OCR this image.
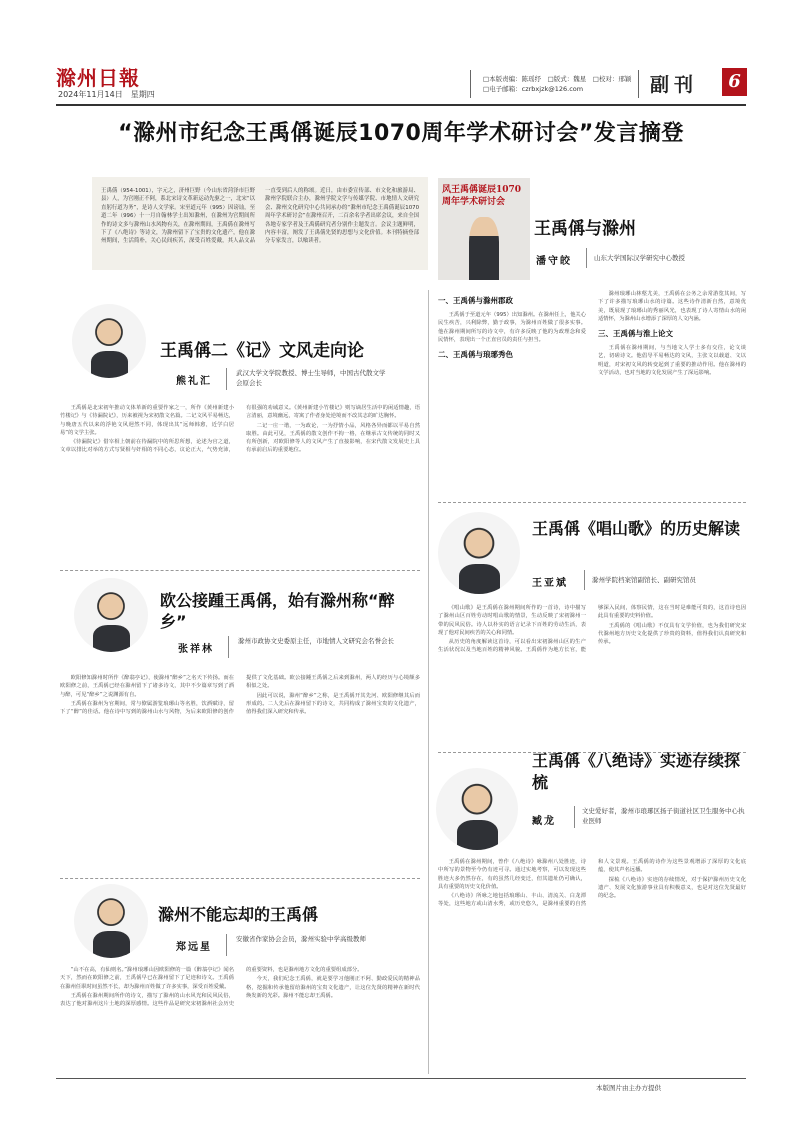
滁州日報
2024年11月14日　星期四
□本版责编：陈瑶纾　□版式：魏星　□校对：邢颖
□电子邮箱：czrbxjzk@126.com	副刊	6
“滁州市纪念王禹偁诞辰1070周年学术研讨会”发言摘登
王禹偁（954-1001），字元之，济州巨野（今山东省菏泽市巨野县）人，为官刚正不阿，系北宋诗文革新运动先驱之一，北宋“以直躬行道为务”，是诗人文学家。宋至道元年（995）因谤讪，至道二年（996）十一月自翰林学士出知滁州，在滁州为官期间所作的诗文多与滁州山水风物有关，在滁州期间，王禹偁在滁州写下了《八绝诗》等诗文，为滁州留下了宝贵的文化遗产，他在滁州期间，生活简朴，关心民间疾苦，深受百姓爱戴，其人品文品一直受到后人的称颂。近日，由市委宣传部、市文化和旅游局、滁州学院联合主办，滁州学院文学与传媒学院、市地情人文研究会、滁州文化研究中心共同承办的“滁州市纪念王禹偁诞辰1070周年学术研讨会”在滁州召开，二百余名学者出席会议，来自全国各地专家学者及王禹偁研究者分别作主题发言。会议主题鲜明，内容丰富，阐发了王禹偁先贤的思想与文化价值。本刊特摘登部分专家发言，以飨读者。
王禹偁二《记》文风走向论
熊礼汇
武汉大学文学院教授、博士生导师，中国古代散文学会原会长

王禹偁是北宋初年推动文体革新的重要作家之一，所作《黄州新建小竹楼记》与《待漏院记》，历来被视为宋初散文名篇。二记文风平易畅达，与晚唐五代以来的浮艳文风迥然不同，体现出其“远师韩愈，近学白居易”的文学主张。

《待漏院记》借宰相上朝前在待漏院中的所思所想，论述为官之道，文章以排比对举的方式写贤相与奸相的不同心态，议论正大，气势充沛，有很强的劝诫意义。《黄州新建小竹楼记》则写谪居生活中的闲适情趣，语言清丽，意境幽远，寄寓了作者身处逆境而不改其志的旷达胸怀。

二记一庄一谐，一为政论，一为抒情小品，风格各异而都以平易自然取胜。由此可见，王禹偁的散文创作不拘一格，在继承古文传统的同时又有所创新，对欧阳修等人的文风产生了直接影响，在宋代散文发展史上具有承前启后的重要地位。

欧公接踵王禹偁，始有滁州称“醉乡”
张祥林
滁州市政协文史委原主任，市地情人文研究会名誉会长

欧阳修知滁州时所作《醉翁亭记》，使滁州“醉乡”之名天下传扬。而在欧阳修之前，王禹偁已经在滁州留下了诸多诗文，其中不少篇章写到了酒与醉，可见“醉乡”之说渊源有自。

王禹偁在滁州为官期间，常与僚属游览琅琊山等名胜，饮酒赋诗，留下了“醉”的佳话。他在诗中写到的滁州山水与风物，为后来欧阳修的创作提供了文化基础。欧公接踵王禹偁之后来到滁州，两人的经历与心境颇多相似之处。

因此可以说，滁州“醉乡”之称，是王禹偁开其先河、欧阳修继其后而形成的。二人先后在滁州留下的诗文，共同构成了滁州宝贵的文化遗产，值得我们深入研究和传承。

滁州不能忘却的王禹偁
郑远星
安徽省作家协会会员，滁州实验中学高级教师

“山不在高，有仙则名。”滁州琅琊山因欧阳修的一篇《醉翁亭记》闻名天下，然而在欧阳修之前，王禹偁早已在滁州留下了足迹和诗文。王禹偁在滁州任职时间虽然不长，却为滁州百姓做了许多实事，深受百姓爱戴。

王禹偁在滁州期间所作的诗文，描写了滁州的山水风光和民风民俗，表达了他对滁州这片土地的深厚感情。这些作品是研究宋初滁州社会历史的重要资料，也是滁州地方文化的重要组成部分。

今天，我们纪念王禹偁，就是要学习他刚正不阿、勤政爱民的精神品格，挖掘和传承他留给滁州的宝贵文化遗产，让这位先贤的精神在新时代焕发新的光彩。滁州不能忘却王禹偁。

风王禹偁诞辰1070周年学术研讨会
王禹偁与滁州
潘守皎	山东大学国际汉学研究中心教授
一、王禹偁与滁州郡政

王禹偁于至道元年（995）出知滁州。在滁州任上，他关心民生疾苦，兴利除弊，勤于政事，为滁州百姓做了很多实事。他在滁州期间所写的诗文中，有许多反映了他的为政理念和爱民情怀，表现出一个正直官员的责任与担当。

二、王禹偁与琅琊秀色

滁州琅琊山林壑尤美，王禹偁在公务之余常游览其间，写下了许多描写琅琊山水的诗篇。这些诗作清新自然，意境优美，既展现了琅琊山的秀丽风光，也表现了诗人寄情山水的闲适情怀，为滁州山水增添了深厚的人文内涵。

三、王禹偁与淮上论文

王禹偁在滁州期间，与当地文人学士多有交往，论文谈艺，切磋诗文。他倡导平易畅达的文风，主张文以载道、文以明道，对宋初文风的转变起到了重要的推动作用。他在滁州的文学活动，也对当地的文化发展产生了深远影响。

王禹偁《唱山歌》的历史解读
王亚斌	滁州学院档案馆副馆长、副研究馆员

《唱山歌》是王禹偁在滁州期间所作的一首诗，诗中描写了滁州山区百姓劳动时唱山歌的情景，生动反映了宋初滁州一带的民风民俗。诗人以朴实的语言记录下百姓的劳动生活，表现了他对民间疾苦的关心和同情。

从历史的角度解读这首诗，可以看出宋初滁州山区的生产生活状况以及当地百姓的精神风貌。王禹偁作为地方长官，能够深入民间，体察民情，这在当时是难能可贵的，这首诗也因此具有重要的史料价值。

王禹偁的《唱山歌》不仅具有文学价值，也为我们研究宋代滁州地方历史文化提供了珍贵的资料，值得我们认真研究和传承。

王禹偁《八绝诗》实迹存续探梳
臧龙
文史爱好者，滁州市琅琊区扬子街道社区卫生服务中心执业医师

王禹偁在滁州期间，曾作《八绝诗》咏滁州八处胜迹，诗中所写的景物至今仍有迹可寻。通过实地考察，可以发现这些胜迹大多仍然存在，有的虽然几经变迁，但其遗址仍可确认，具有重要的历史文化价值。

《八绝诗》所咏之地包括琅琊山、丰山、清流关、白龙潭等处，这些地方或山清水秀，或历史悠久，是滁州重要的自然和人文景观。王禹偁的诗作为这些景观增添了深厚的文化底蕴，使其声名远播。

探梳《八绝诗》实迹的存续情况，对于保护滁州历史文化遗产、发展文化旅游事业具有积极意义，也是对这位先贤最好的纪念。

本版图片由主办方提供
